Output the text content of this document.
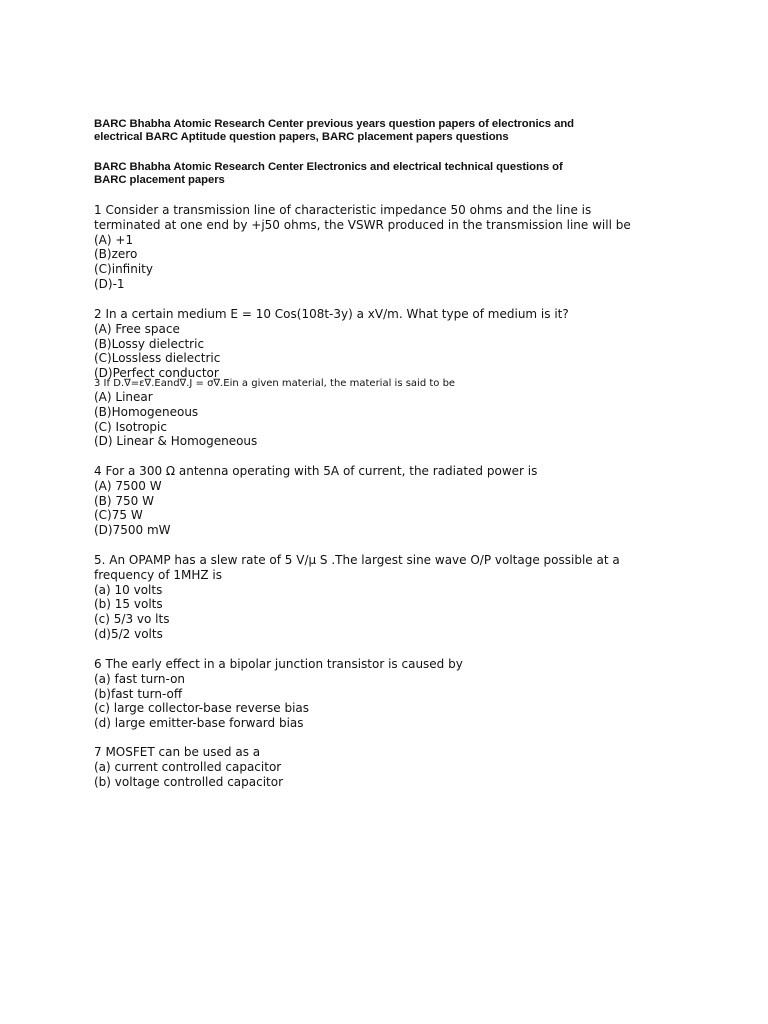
BARC Bhabha Atomic Research Center previous years question papers of electronics and
electrical BARC Aptitude question papers, BARC placement papers questions
BARC Bhabha Atomic Research Center Electronics and electrical technical questions of
BARC placement papers
1 Consider a transmission line of characteristic impedance 50 ohms and the line is
terminated at one end by +j50 ohms, the VSWR produced in the transmission line will be
(A) +1
(B)zero
(C)infinity
(D)-1
2 In a certain medium E = 10 Cos(108t-3y) a xV/m. What type of medium is it?
(A) Free space
(B)Lossy dielectric
(C)Lossless dielectric
(D)Perfect conductor
3 If D.∇=ε∇.Eand∇.J = σ∇.Ein a given material, the material is said to be
(A) Linear
(B)Homogeneous
(C) Isotropic
(D) Linear & Homogeneous
4 For a 300 Ω antenna operating with 5A of current, the radiated power is
(A) 7500 W
(B) 750 W
(C)75 W
(D)7500 mW
5. An OPAMP has a slew rate of 5 V/μ S .The largest sine wave O/P voltage possible at a
frequency of 1MHZ is
(a) 10 volts
(b) 15 volts
(c) 5/3 vo lts
(d)5/2 volts
6 The early effect in a bipolar junction transistor is caused by
(a) fast turn-on
(b)fast turn-off
(c) large collector-base reverse bias
(d) large emitter-base forward bias
7 MOSFET can be used as a
(a) current controlled capacitor
(b) voltage controlled capacitor
